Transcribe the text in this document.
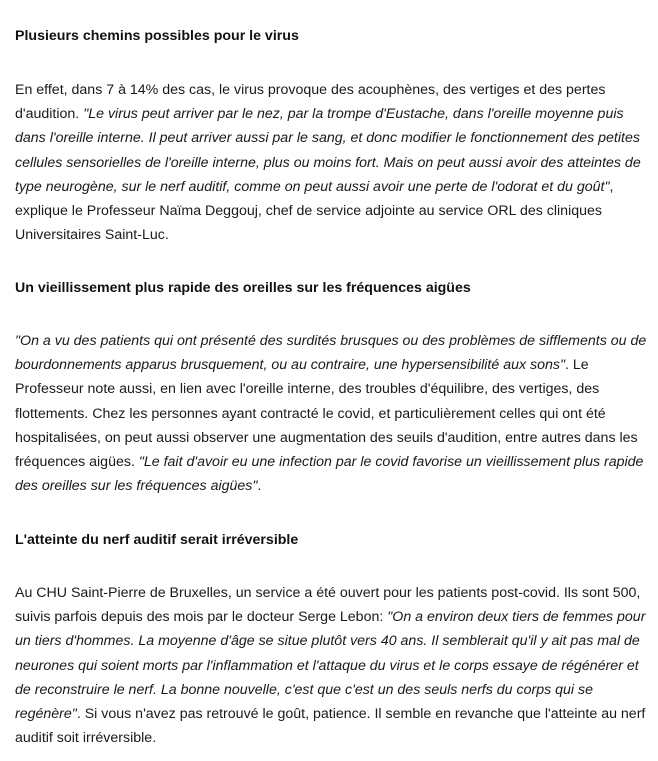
Plusieurs chemins possibles pour le virus

En effet, dans 7 à 14% des cas, le virus provoque des acouphènes, des vertiges et des pertes d'audition. "Le virus peut arriver par le nez, par la trompe d'Eustache, dans l'oreille moyenne puis dans l'oreille interne. Il peut arriver aussi par le sang, et donc modifier le fonctionnement des petites cellules sensorielles de l'oreille interne, plus ou moins fort. Mais on peut aussi avoir des atteintes de type neurogène, sur le nerf auditif, comme on peut aussi avoir une perte de l'odorat et du goût", explique le Professeur Naïma Deggouj, chef de service adjointe au service ORL des cliniques Universitaires Saint-Luc.

Un vieillissement plus rapide des oreilles sur les fréquences aigües

"On a vu des patients qui ont présenté des surdités brusques ou des problèmes de sifflements ou de bourdonnements apparus brusquement, ou au contraire, une hypersensibilité aux sons". Le Professeur note aussi, en lien avec l'oreille interne, des troubles d'équilibre, des vertiges, des flottements. Chez les personnes ayant contracté le covid, et particulièrement celles qui ont été hospitalisées, on peut aussi observer une augmentation des seuils d'audition, entre autres dans les fréquences aigües. "Le fait d'avoir eu une infection par le covid favorise un vieillissement plus rapide des oreilles sur les fréquences aigües".

L'atteinte du nerf auditif serait irréversible

Au CHU Saint-Pierre de Bruxelles, un service a été ouvert pour les patients post-covid. Ils sont 500, suivis parfois depuis des mois par le docteur Serge Lebon: "On a environ deux tiers de femmes pour un tiers d'hommes. La moyenne d'âge se situe plutôt vers 40 ans. Il semblerait qu'il y ait pas mal de neurones qui soient morts par l'inflammation et l'attaque du virus et le corps essaye de régénérer et de reconstruire le nerf. La bonne nouvelle, c'est que c'est un des seuls nerfs du corps qui se regénère". Si vous n'avez pas retrouvé le goût, patience. Il semble en revanche que l'atteinte au nerf auditif soit irréversible.
